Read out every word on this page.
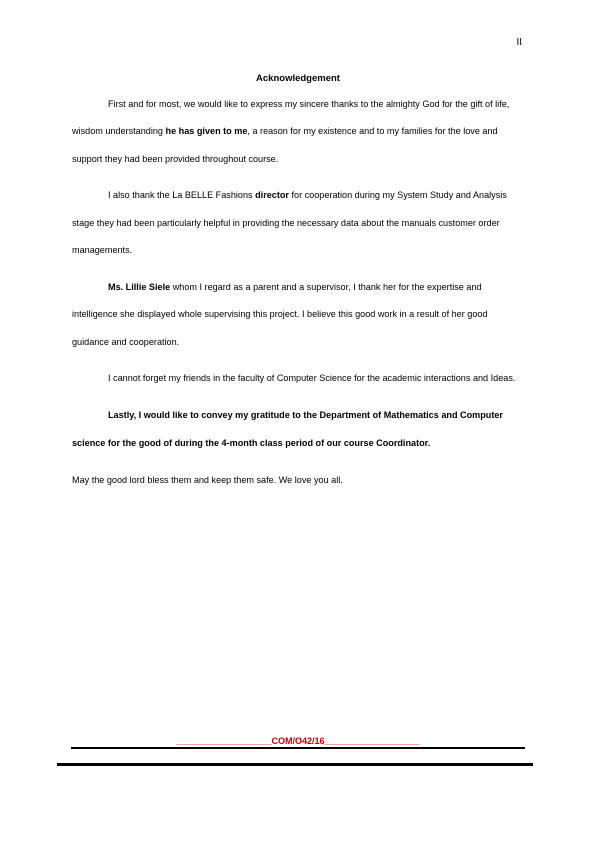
II
Acknowledgement

First and for most, we would like to express my sincere thanks to the almighty God for the gift of life, wisdom understanding he has given to me, a reason for my existence and to my families for the love and support they had been provided throughout course.

I also thank the La BELLE Fashions director for cooperation during my System Study and Analysis stage they had been particularly helpful in providing the necessary data about the manuals customer order managements.

Ms. Lillie Siele whom I regard as a parent and a supervisor, I thank her for the expertise and intelligence she displayed whole supervising this project. I believe this good work in a result of her good guidance and cooperation.

I cannot forget my friends in the faculty of Computer Science for the academic interactions and Ideas.

Lastly, I would like to convey my gratitude to the Department of Mathematics and Computer science for the good of during the 4-month class period of our course Coordinator.

May the good lord bless them and keep them safe. We love you all.

___________________COM/O42/16___________________
